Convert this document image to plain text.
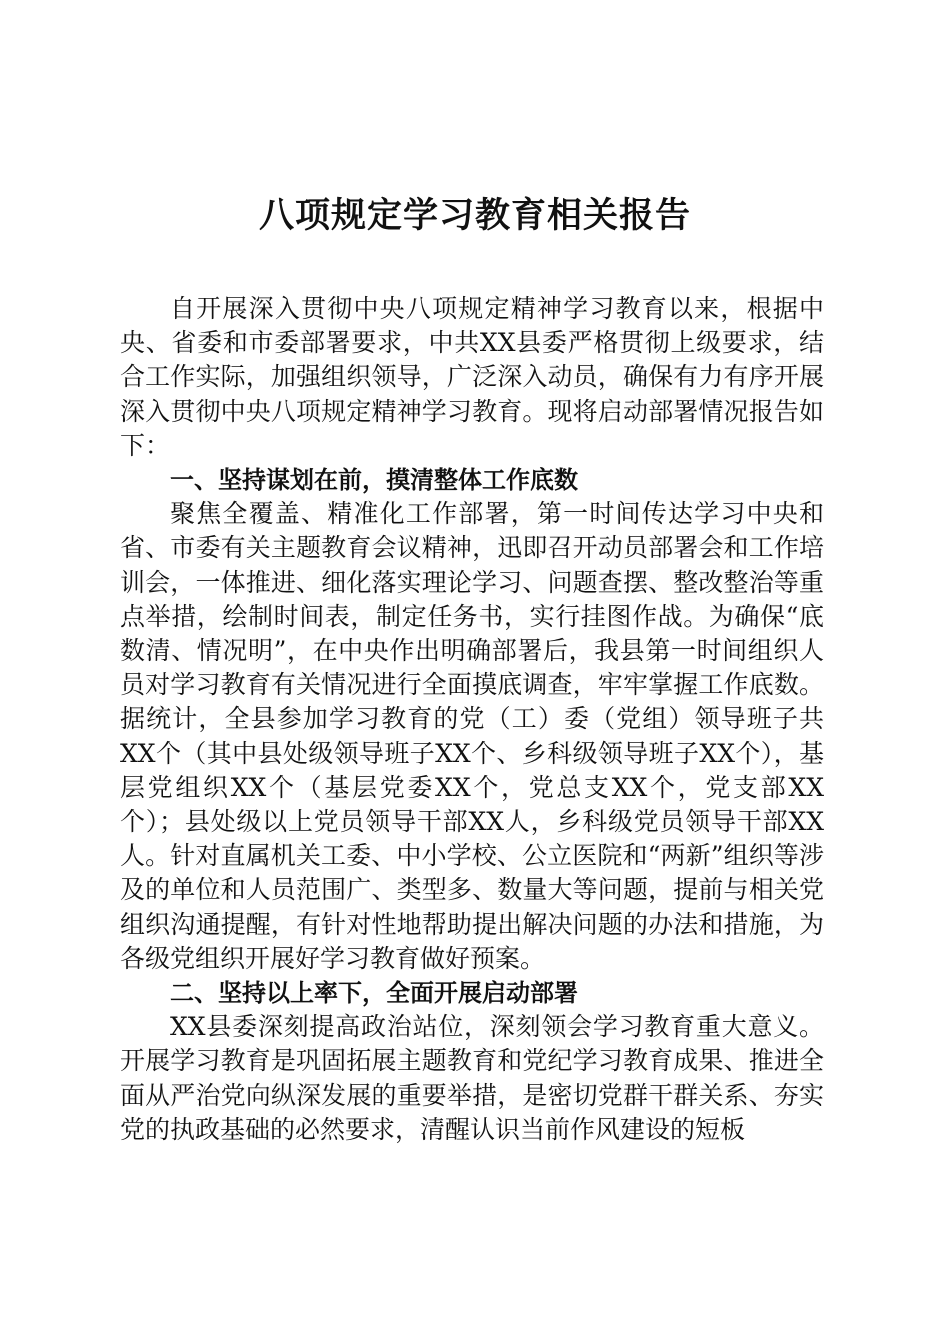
八项规定学习教育相关报告

自开展深入贯彻中央八项规定精神学习教育以来，根据中央、省委和市委部署要求，中共XX县委严格贯彻上级要求，结合工作实际，加强组织领导，广泛深入动员，确保有力有序开展深入贯彻中央八项规定精神学习教育。现将启动部署情况报告如下：

一、坚持谋划在前，摸清整体工作底数

聚焦全覆盖、精准化工作部署，第一时间传达学习中央和省、市委有关主题教育会议精神，迅即召开动员部署会和工作培训会，一体推进、细化落实理论学习、问题查摆、整改整治等重点举措，绘制时间表，制定任务书，实行挂图作战。为确保“底数清、情况明”，在中央作出明确部署后，我县第一时间组织人员对学习教育有关情况进行全面摸底调查，牢牢掌握工作底数。据统计，全县参加学习教育的党（工）委（党组）领导班子共XX个（其中县处级领导班子XX个、乡科级领导班子XX个），基层党组织XX个（基层党委XX个，党总支XX个，党支部XX个）；县处级以上党员领导干部XX人，乡科级党员领导干部XX人。针对直属机关工委、中小学校、公立医院和“两新”组织等涉及的单位和人员范围广、类型多、数量大等问题，提前与相关党组织沟通提醒，有针对性地帮助提出解决问题的办法和措施，为各级党组织开展好学习教育做好预案。

二、坚持以上率下，全面开展启动部署

XX县委深刻提高政治站位，深刻领会学习教育重大意义。开展学习教育是巩固拓展主题教育和党纪学习教育成果、推进全面从严治党向纵深发展的重要举措，是密切党群干群关系、夯实党的执政基础的必然要求，清醒认识当前作风建设的短板
